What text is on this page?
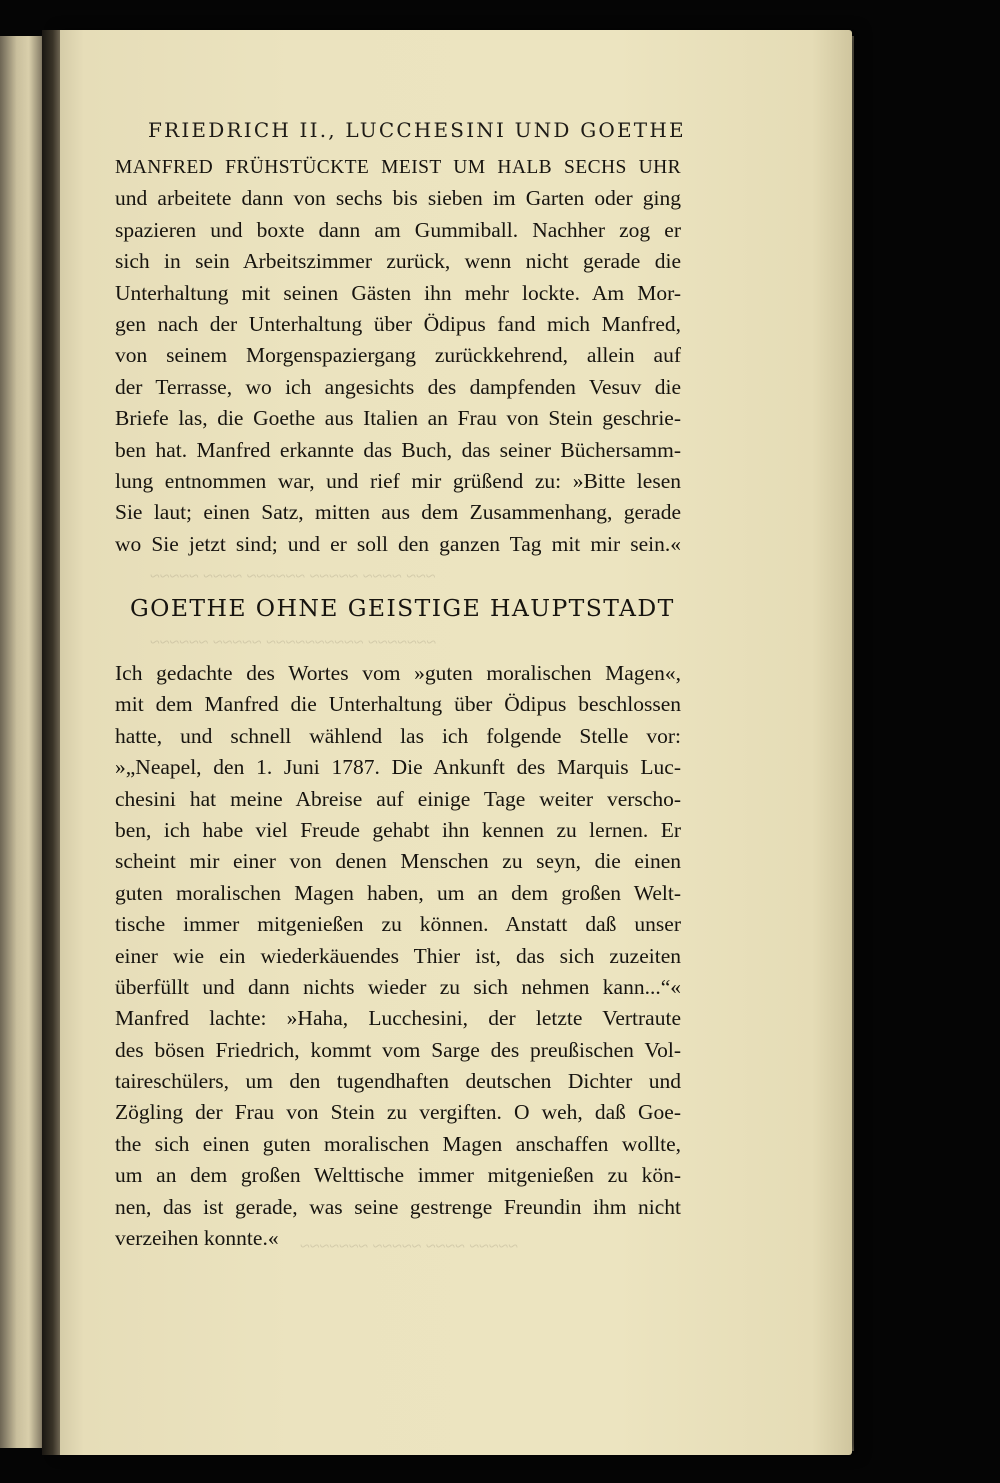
~~~ ~~~~ ~~~~~ ~~~~~~ ~~~~ ~~~~~
~~~~~~~ ~~~~~~~~~~ ~~~~~ ~~~~~~
~~~~~ ~~~~ ~~~~~ ~~~~~~~
FRIEDRICH II., LUCCHESINI UND GOETHE
MANFRED FRÜHSTÜCKTE MEIST UM HALB SECHS UHR
und arbeitete dann von sechs bis sieben im Garten oder ging
spazieren und boxte dann am Gummiball. Nachher zog er
sich in sein Arbeitszimmer zurück, wenn nicht gerade die
Unterhaltung mit seinen Gästen ihn mehr lockte. Am Mor-
gen nach der Unterhaltung über Ödipus fand mich Manfred,
von seinem Morgenspaziergang zurückkehrend, allein auf
der Terrasse, wo ich angesichts des dampfenden Vesuv die
Briefe las, die Goethe aus Italien an Frau von Stein geschrie-
ben hat. Manfred erkannte das Buch, das seiner Büchersamm-
lung entnommen war, und rief mir grüßend zu: »Bitte lesen
Sie laut; einen Satz, mitten aus dem Zusammenhang, gerade
wo Sie jetzt sind; und er soll den ganzen Tag mit mir sein.«
GOETHE OHNE GEISTIGE HAUPTSTADT
Ich gedachte des Wortes vom »guten moralischen Magen«,
mit dem Manfred die Unterhaltung über Ödipus beschlossen
hatte, und schnell wählend las ich folgende Stelle vor:
»„Neapel, den 1. Juni 1787. Die Ankunft des Marquis Luc-
chesini hat meine Abreise auf einige Tage weiter verscho-
ben, ich habe viel Freude gehabt ihn kennen zu lernen. Er
scheint mir einer von denen Menschen zu seyn, die einen
guten moralischen Magen haben, um an dem großen Welt-
tische immer mitgenießen zu können. Anstatt daß unser
einer wie ein wiederkäuendes Thier ist, das sich zuzeiten
überfüllt und dann nichts wieder zu sich nehmen kann...“«
Manfred lachte: »Haha, Lucchesini, der letzte Vertraute
des bösen Friedrich, kommt vom Sarge des preußischen Vol-
taireschülers, um den tugendhaften deutschen Dichter und
Zögling der Frau von Stein zu vergiften. O weh, daß Goe-
the sich einen guten moralischen Magen anschaffen wollte,
um an dem großen Welttische immer mitgenießen zu kön-
nen, das ist gerade, was seine gestrenge Freundin ihm nicht
verzeihen konnte.«
